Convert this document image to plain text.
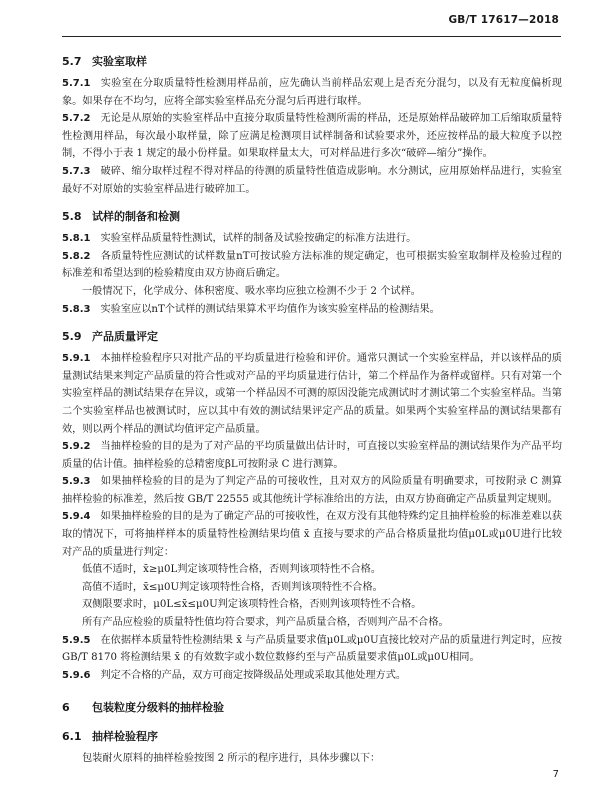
GB/T 17617—2018
5.7 实验室取样
5.7.1 实验室在分取质量特性检测用样品前，应先确认当前样品宏观上是否充分混匀，以及有无粒度偏析现象。如果存在不均匀，应将全部实验室样品充分混匀后再进行取样。
5.7.2 无论是从原始的实验室样品中直接分取质量特性检测所需的样品，还是原始样品破碎加工后缩取质量特性检测用样品，每次最小取样量，除了应满足检测项目试样制备和试验要求外，还应按样品的最大粒度予以控制，不得小于表 1 规定的最小份样量。如果取样量太大，可对样品进行多次“破碎—缩分”操作。
5.7.3 破碎、缩分取样过程不得对样品的待测的质量特性值造成影响。水分测试，应用原始样品进行，实验室最好不对原始的实验室样品进行破碎加工。
5.8 试样的制备和检测
5.8.1 实验室样品质量特性测试，试样的制备及试验按确定的标准方法进行。
5.8.2 各质量特性应测试的试样数量nT可按试验方法标准的规定确定，也可根据实验室取制样及检验过程的标准差和希望达到的检验精度由双方协商后确定。
一般情况下，化学成分、体积密度、吸水率均应独立检测不少于 2 个试样。
5.8.3 实验室应以nT个试样的测试结果算术平均值作为该实验室样品的检测结果。
5.9 产品质量评定
5.9.1 本抽样检验程序只对批产品的平均质量进行检验和评价。通常只测试一个实验室样品，并以该样品的质量测试结果来判定产品质量的符合性或对产品的平均质量进行估计，第二个样品作为备样或留样。只有对第一个实验室样品的测试结果存在异议，或第一个样品因不可测的原因没能完成测试时才测试第二个实验室样品。当第二个实验室样品也被测试时，应以其中有效的测试结果评定产品的质量。如果两个实验室样品的测试结果都有效，则以两个样品的测试均值评定产品质量。
5.9.2 当抽样检验的目的是为了对产品的平均质量做出估计时，可直接以实验室样品的测试结果作为产品平均质量的估计值。抽样检验的总精密度βL可按附录 C 进行测算。
5.9.3 如果抽样检验的目的是为了判定产品的可接收性，且对双方的风险质量有明确要求，可按附录 C 测算抽样检验的标准差，然后按 GB/T 22555 或其他统计学标准给出的方法，由双方协商确定产品质量判定规则。
5.9.4 如果抽样检验的目的是为了确定产品的可接收性，在双方没有其他特殊约定且抽样检验的标准差难以获取的情况下，可将抽样样本的质量特性检测结果均值 x̄ 直接与要求的产品合格质量批均值μ0L或μ0U进行比较对产品的质量进行判定：
低值不适时，x̄≥μ0L判定该项特性合格，否则判该项特性不合格。
高值不适时，x̄≤μ0U判定该项特性合格，否则判该项特性不合格。
双侧限要求时，μ0L≤x̄≤μ0U判定该项特性合格，否则判该项特性不合格。
所有产品应检验的质量特性值均符合要求，判产品质量合格，否则判产品不合格。
5.9.5 在依据样本质量特性检测结果 x̄ 与产品质量要求值μ0L或μ0U直接比较对产品的质量进行判定时，应按 GB/T 8170 将检测结果 x̄ 的有效数字或小数位数修约至与产品质量要求值μ0L或μ0U相同。
5.9.6 判定不合格的产品，双方可商定按降级品处理或采取其他处理方式。
6 包装粒度分级料的抽样检验
6.1 抽样检验程序
包装耐火原料的抽样检验按图 2 所示的程序进行，具体步骤以下：
7
